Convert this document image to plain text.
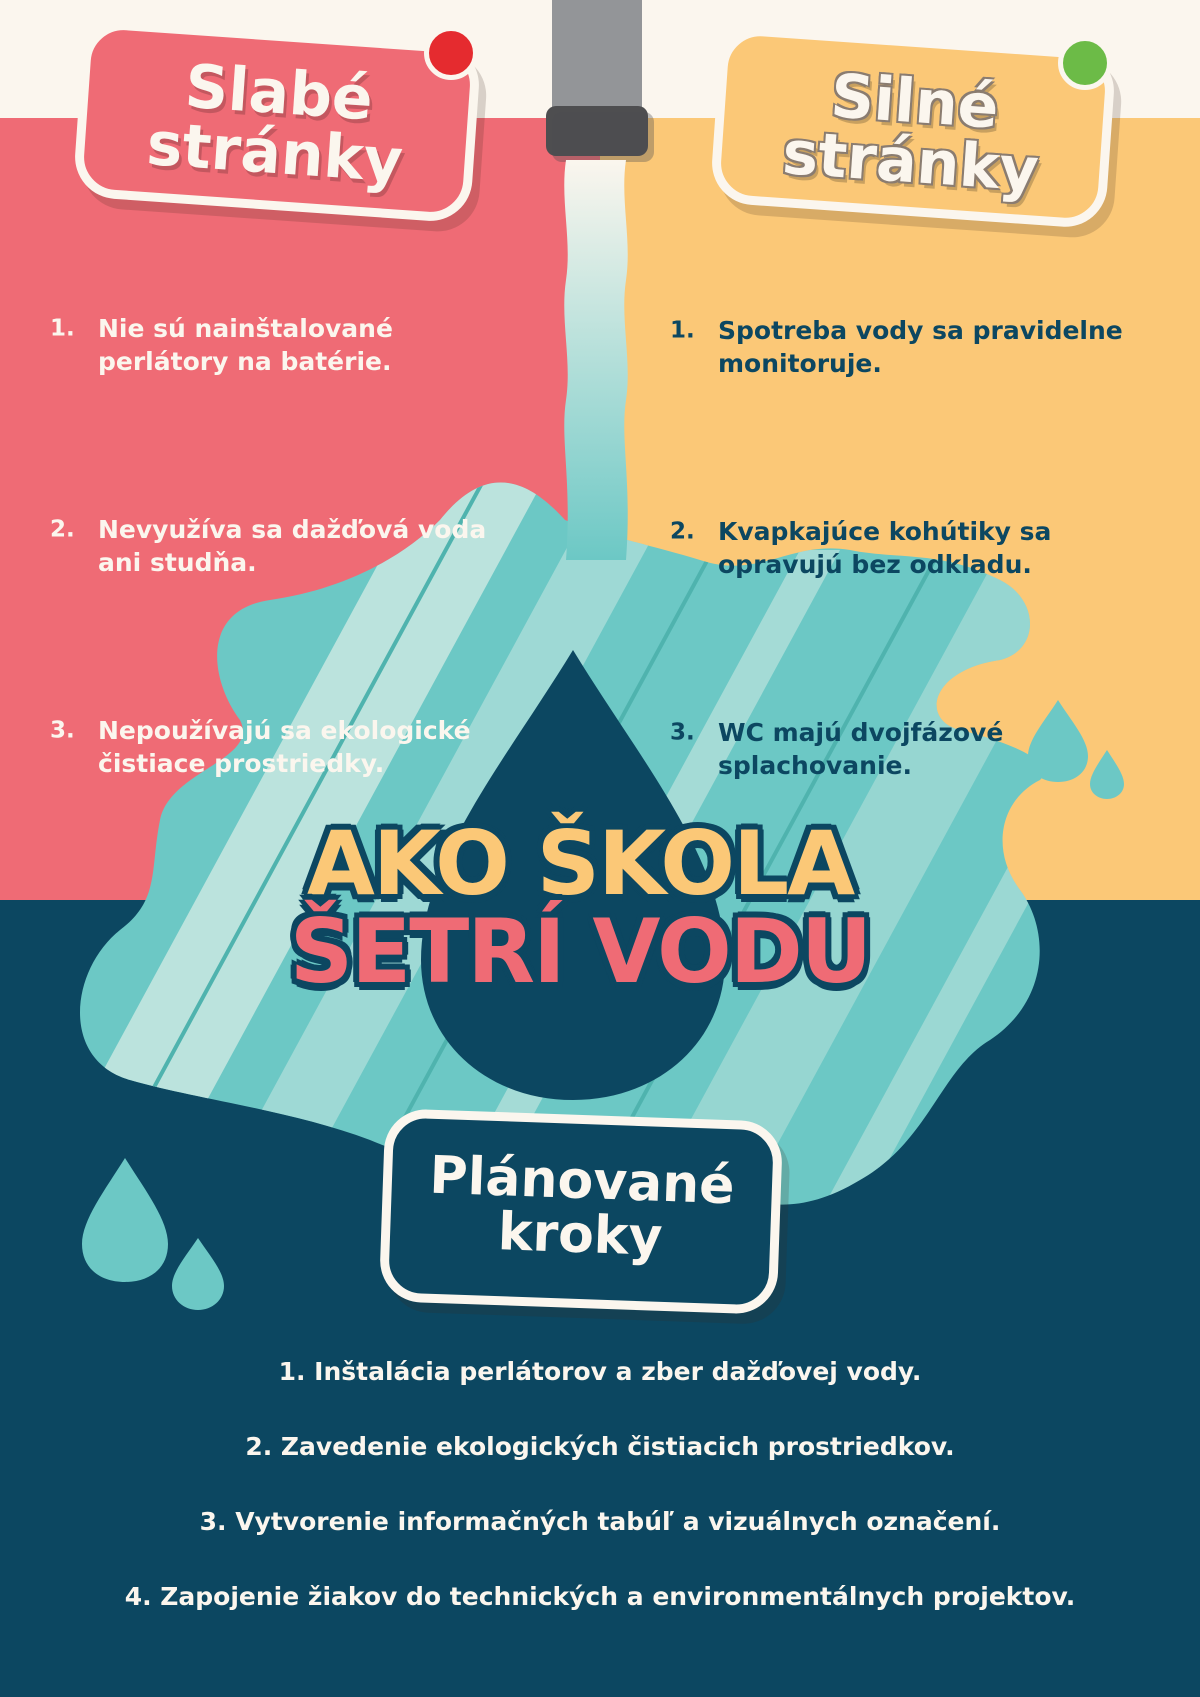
Slabé
stránky
Silné
stránky

1. Nie sú nainštalované
perlátory na batérie.

2. Nevyužíva sa dažďová voda
ani studňa.

3. Nepoužívajú sa ekologické
čistiace prostriedky.

1. Spotreba vody sa pravidelne
monitoruje.

2. Kvapkajúce kohútiky sa
opravujú bez odkladu.

3. WC majú dvojfázové
splachovanie.

AKO ŠKOLA
ŠETRÍ VODU
Plánované
kroky
1. Inštalácia perlátorov a zber dažďovej vody.
2. Zavedenie ekologických čistiacich prostriedkov.
3. Vytvorenie informačných tabúľ a vizuálnych označení.
4. Zapojenie žiakov do technických a environmentálnych projektov.
